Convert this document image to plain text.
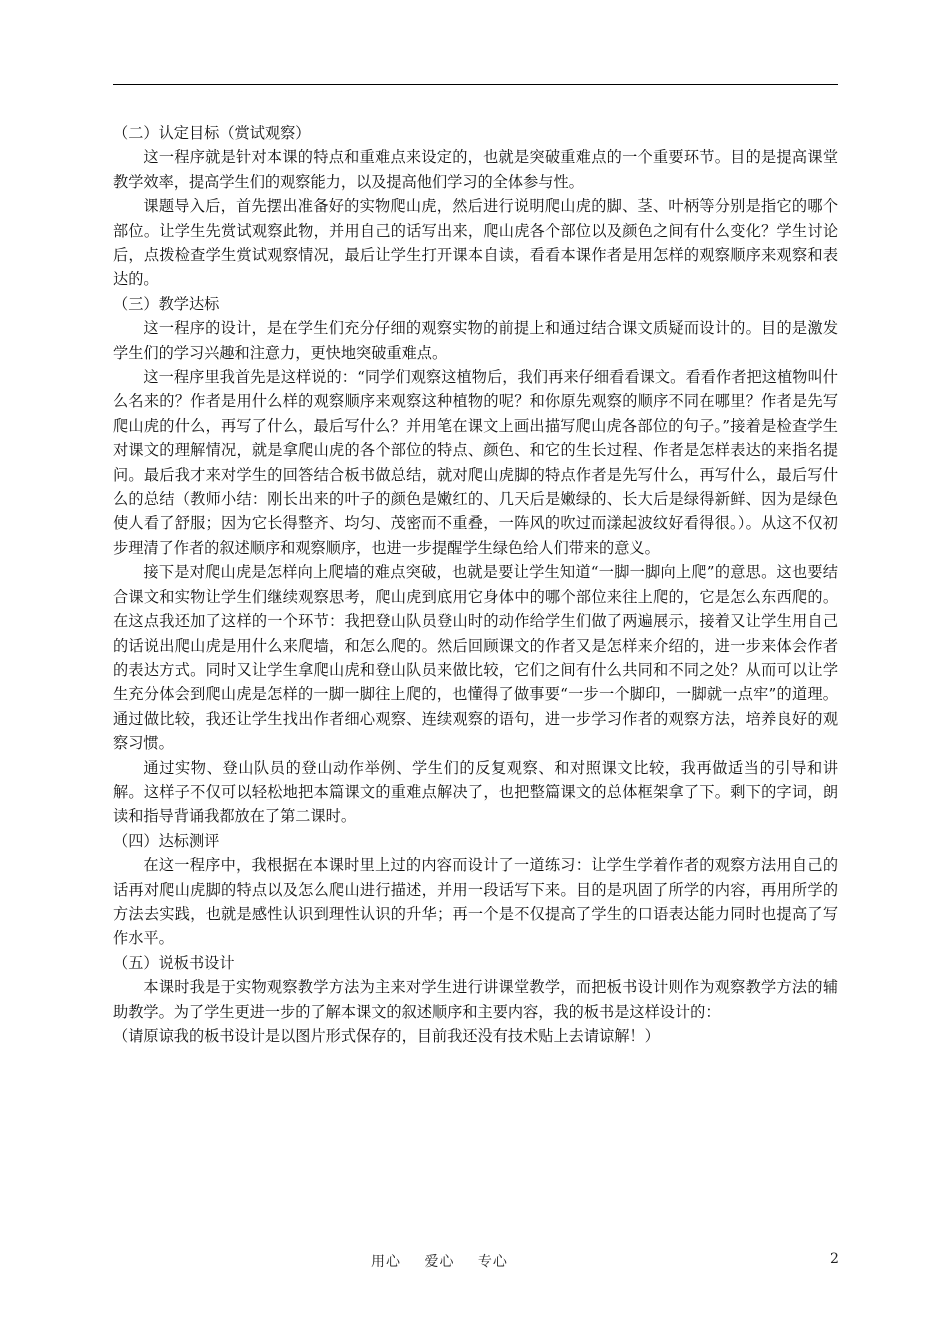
（二）认定目标（赏试观察）

这一程序就是针对本课的特点和重难点来设定的，也就是突破重难点的一个重要环节。目的是提高课堂教学效率，提高学生们的观察能力，以及提高他们学习的全体参与性。

课题导入后，首先摆出准备好的实物爬山虎，然后进行说明爬山虎的脚、茎、叶柄等分别是指它的哪个部位。让学生先赏试观察此物，并用自己的话写出来，爬山虎各个部位以及颜色之间有什么变化？学生讨论后，点拨检查学生赏试观察情况，最后让学生打开课本自读，看看本课作者是用怎样的观察顺序来观察和表达的。

（三）教学达标

这一程序的设计，是在学生们充分仔细的观察实物的前提上和通过结合课文质疑而设计的。目的是激发学生们的学习兴趣和注意力，更快地突破重难点。

这一程序里我首先是这样说的：“同学们观察这植物后，我们再来仔细看看课文。看看作者把这植物叫什么名来的？作者是用什么样的观察顺序来观察这种植物的呢？和你原先观察的顺序不同在哪里？作者是先写爬山虎的什么，再写了什么，最后写什么？并用笔在课文上画出描写爬山虎各部位的句子。”接着是检查学生对课文的理解情况，就是拿爬山虎的各个部位的特点、颜色、和它的生长过程、作者是怎样表达的来指名提问。最后我才来对学生的回答结合板书做总结，就对爬山虎脚的特点作者是先写什么，再写什么，最后写什么的总结（教师小结：刚长出来的叶子的颜色是嫩红的、几天后是嫩绿的、长大后是绿得新鲜、因为是绿色使人看了舒服；因为它长得整齐、均匀、茂密而不重叠，一阵风的吹过而漾起波纹好看得很。）。从这不仅初步理清了作者的叙述顺序和观察顺序，也进一步提醒学生绿色给人们带来的意义。

接下是对爬山虎是怎样向上爬墙的难点突破，也就是要让学生知道“一脚一脚向上爬”的意思。这也要结合课文和实物让学生们继续观察思考，爬山虎到底用它身体中的哪个部位来往上爬的，它是怎么东西爬的。在这点我还加了这样的一个环节：我把登山队员登山时的动作给学生们做了两遍展示，接着又让学生用自己的话说出爬山虎是用什么来爬墙，和怎么爬的。然后回顾课文的作者又是怎样来介绍的，进一步来体会作者的表达方式。同时又让学生拿爬山虎和登山队员来做比较，它们之间有什么共同和不同之处？从而可以让学生充分体会到爬山虎是怎样的一脚一脚往上爬的，也懂得了做事要“一步一个脚印，一脚就一点牢”的道理。通过做比较，我还让学生找出作者细心观察、连续观察的语句，进一步学习作者的观察方法，培养良好的观察习惯。

通过实物、登山队员的登山动作举例、学生们的反复观察、和对照课文比较，我再做适当的引导和讲解。这样子不仅可以轻松地把本篇课文的重难点解决了，也把整篇课文的总体框架拿了下。剩下的字词，朗读和指导背诵我都放在了第二课时。

（四）达标测评

在这一程序中，我根据在本课时里上过的内容而设计了一道练习：让学生学着作者的观察方法用自己的话再对爬山虎脚的特点以及怎么爬山进行描述，并用一段话写下来。目的是巩固了所学的内容，再用所学的方法去实践，也就是感性认识到理性认识的升华；再一个是不仅提高了学生的口语表达能力同时也提高了写作水平。

（五）说板书设计

本课时我是于实物观察教学方法为主来对学生进行讲课堂教学，而把板书设计则作为观察教学方法的辅助教学。为了学生更进一步的了解本课文的叙述顺序和主要内容，我的板书是这样设计的：

（请原谅我的板书设计是以图片形式保存的，目前我还没有技术贴上去请谅解！）
用心 爱心 专心	2
